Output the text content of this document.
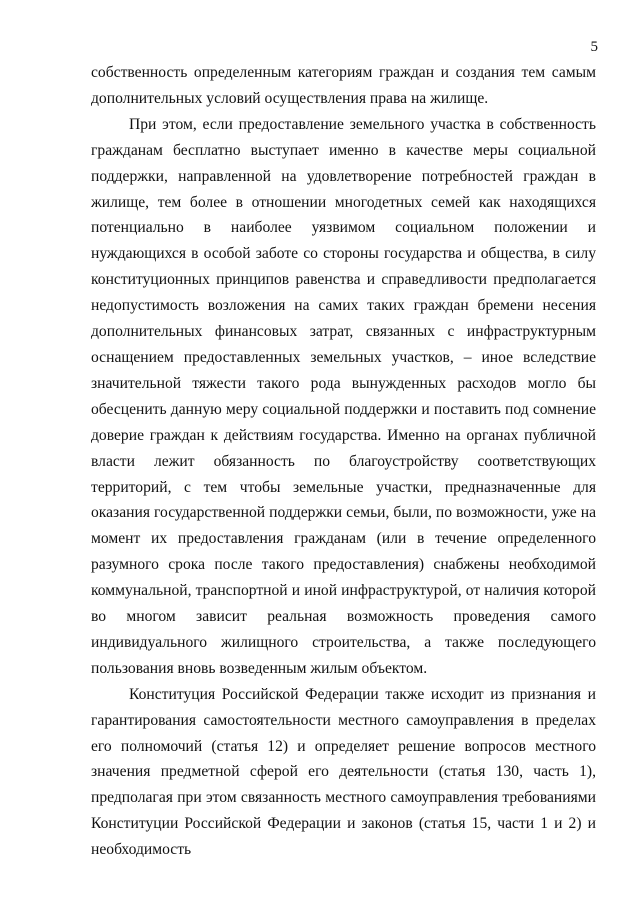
5

собственность определенным категориям граждан и создания тем самым дополнительных условий осуществления права на жилище.

При этом, если предоставление земельного участка в собственность гражданам бесплатно выступает именно в качестве меры социальной поддержки, направленной на удовлетворение потребностей граждан в жилище, тем более в отношении многодетных семей как находящихся потенциально в наиболее уязвимом социальном положении и нуждающихся в особой заботе со стороны государства и общества, в силу конституционных принципов равенства и справедливости предполагается недопустимость возложения на самих таких граждан бремени несения дополнительных финансовых затрат, связанных с инфраструктурным оснащением предоставленных земельных участков, – иное вследствие значительной тяжести такого рода вынужденных расходов могло бы обесценить данную меру социальной поддержки и поставить под сомнение доверие граждан к действиям государства. Именно на органах публичной власти лежит обязанность по благоустройству соответствующих территорий, с тем чтобы земельные участки, предназначенные для оказания государственной поддержки семьи, были, по возможности, уже на момент их предоставления гражданам (или в течение определенного разумного срока после такого предоставления) снабжены необходимой коммунальной, транспортной и иной инфраструктурой, от наличия которой во многом зависит реальная возможность проведения самого индивидуального жилищного строительства, а также последующего пользования вновь возведенным жилым объектом.

Конституция Российской Федерации также исходит из признания и гарантирования самостоятельности местного самоуправления в пределах его полномочий (статья 12) и определяет решение вопросов местного значения предметной сферой его деятельности (статья 130, часть 1), предполагая при этом связанность местного самоуправления требованиями Конституции Российской Федерации и законов (статья 15, части 1 и 2) и необходимость
